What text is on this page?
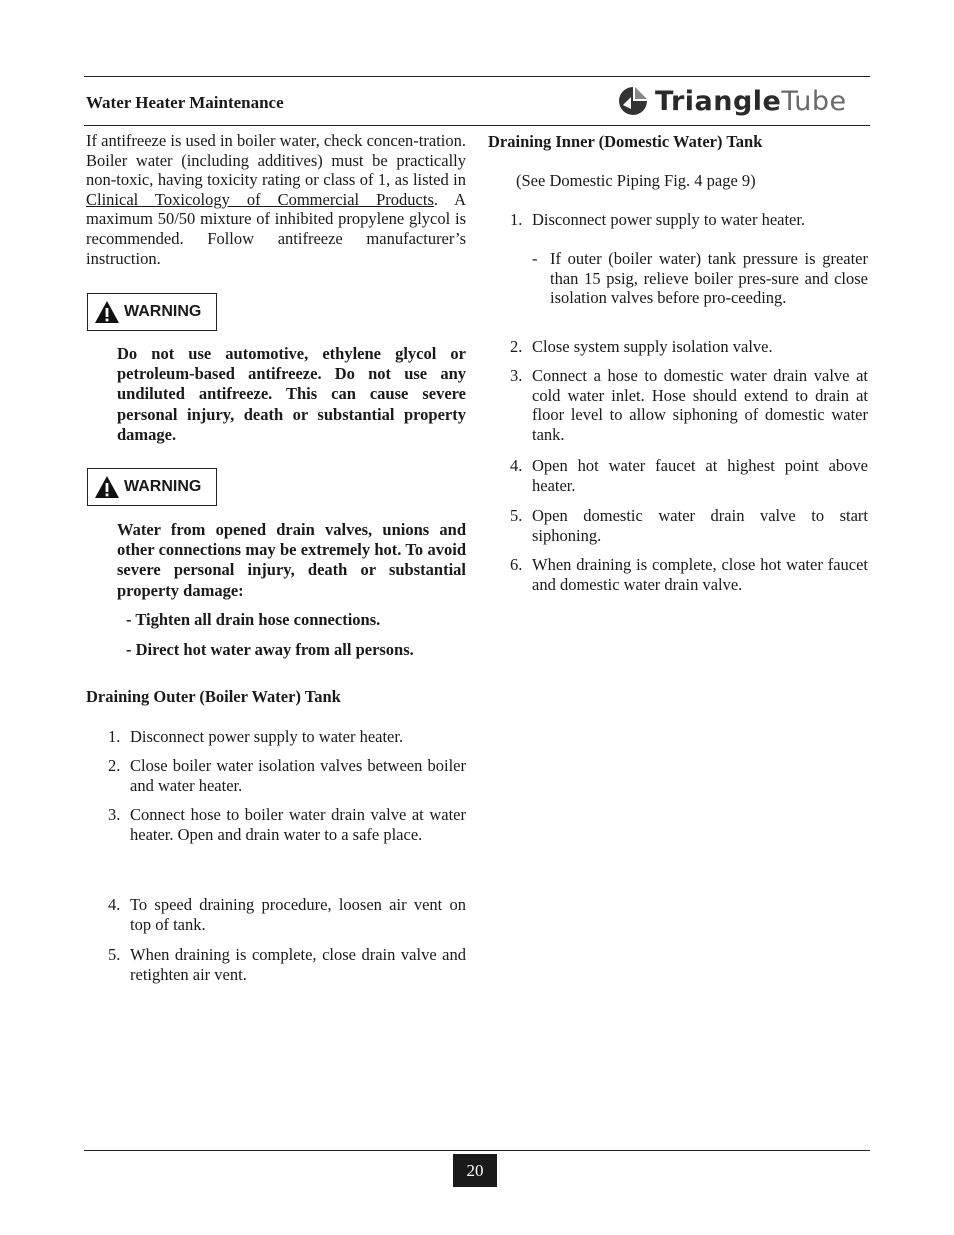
Water Heater Maintenance	TriangleTube
If antifreeze is used in boiler water, check concen-tration. Boiler water (including additives) must be practically non-toxic, having toxicity rating or class of 1, as listed in Clinical Toxicology of Commercial Products. A maximum 50/50 mixture of inhibited propylene glycol is recommended. Follow antifreeze manufacturer’s instruction.
WARNING
Do not use automotive, ethylene glycol or petroleum-based antifreeze. Do not use any undiluted antifreeze. This can cause severe personal injury, death or substantial property damage.
WARNING
Water from opened drain valves, unions and other connections may be extremely hot. To avoid severe personal injury, death or substantial property damage:
- Tighten all drain hose connections.
- Direct hot water away from all persons.
Draining Outer (Boiler Water) Tank
1. Disconnect power supply to water heater.
2. Close boiler water isolation valves between boiler and water heater.
3. Connect hose to boiler water drain valve at water heater. Open and drain water to a safe place.
4. To speed draining procedure, loosen air vent on top of tank.
5. When draining is complete, close drain valve and retighten air vent.
Draining Inner (Domestic Water) Tank
(See Domestic Piping Fig. 4 page 9)
1. Disconnect power supply to water heater.
- If outer (boiler water) tank pressure is greater than 15 psig, relieve boiler pres-sure and close isolation valves before pro-ceeding.
2. Close system supply isolation valve.
3. Connect a hose to domestic water drain valve at cold water inlet. Hose should extend to drain at floor level to allow siphoning of domestic water tank.
4. Open hot water faucet at highest point above heater.
5. Open domestic water drain valve to start siphoning.
6. When draining is complete, close hot water faucet and domestic water drain valve.
20
